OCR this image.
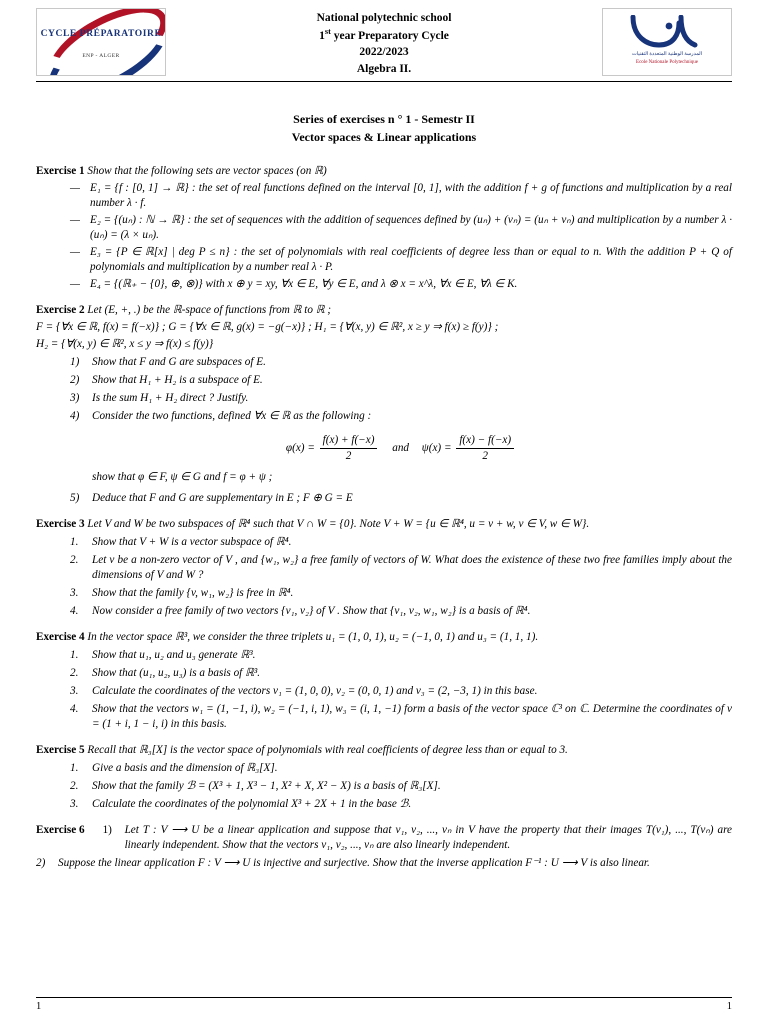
CYCLE PRÉPARATOIRE
ENP - ALGER
National polytechnic school
1st year Preparatory Cycle
2022/2023
Algebra II.
المدرسة الوطنية المتعددة التقنيات
Ecole Nationale Polytechnique
Series of exercises n ° 1 - Semestr II
Vector spaces & Linear applications
Exercise 1 Show that the following sets are vector spaces (on ℝ)
— E₁ = {f : [0, 1] → ℝ} : the set of real functions defined on the interval [0, 1], with the addition f + g of functions and multiplication by a real number λ · f.
— E₂ = {(uₙ) : ℕ → ℝ} : the set of sequences with the addition of sequences defined by (uₙ) + (vₙ) = (uₙ + vₙ) and multiplication by a number λ · (uₙ) = (λ × uₙ).
— E₃ = {P ∈ ℝ[x] | deg P ≤ n} : the set of polynomials with real coefficients of degree less than or equal to n. With the addition P + Q of polynomials and multiplication by a number real λ · P.
— E₄ = {(ℝ₊ − {0}, ⊕, ⊗)} with x ⊕ y = xy, ∀x ∈ E, ∀y ∈ E, and λ ⊗ x = x^λ, ∀x ∈ E, ∀λ ∈ K.
Exercise 2 Let (E, +, .) be the ℝ-space of functions from ℝ to ℝ ;
F = {∀x ∈ ℝ, f(x) = f(−x)} ; G = {∀x ∈ ℝ, g(x) = −g(−x)} ; H₁ = {∀(x, y) ∈ ℝ², x ≥ y ⇒ f(x) ≥ f(y)} ;
H₂ = {∀(x, y) ∈ ℝ², x ≤ y ⇒ f(x) ≤ f(y)}
1)	Show that F and G are subspaces of E.
2)	Show that H₁ + H₂ is a subspace of E.
3)	Is the sum H₁ + H₂ direct ? Justify.
4)	Consider the two functions, defined ∀x ∈ ℝ as the following :
$\varphi(x) = \frac{f(x) + f(-x)}{2}$ and $\psi(x) = \frac{f(x) - f(-x)}{2}$
show that φ ∈ F, ψ ∈ G and f = φ + ψ ;
5)	Deduce that F and G are supplementary in E ; F ⊕ G = E
Exercise 3 Let V and W be two subspaces of ℝ⁴ such that V ∩ W = {0}. Note V + W = {u ∈ ℝ⁴, u = v + w, v ∈ V, w ∈ W}.
1.	Show that V + W is a vector subspace of ℝ⁴.
2.	Let v be a non-zero vector of V , and {w₁, w₂} a free family of vectors of W. What does the existence of these two free families imply about the dimensions of V and W ?
3.	Show that the family {v, w₁, w₂} is free in ℝ⁴.
4.	Now consider a free family of two vectors {v₁, v₂} of V . Show that {v₁, v₂, w₁, w₂} is a basis of ℝ⁴.
Exercise 4 In the vector space ℝ³, we consider the three triplets u₁ = (1, 0, 1), u₂ = (−1, 0, 1) and u₃ = (1, 1, 1).
1.	Show that u₁, u₂ and u₃ generate ℝ³.
2.	Show that (u₁, u₂, u₃) is a basis of ℝ³.
3.	Calculate the coordinates of the vectors v₁ = (1, 0, 0), v₂ = (0, 0, 1) and v₃ = (2, −3, 1) in this base.
4.	Show that the vectors w₁ = (1, −1, i), w₂ = (−1, i, 1), w₃ = (i, 1, −1) form a basis of the vector space ℂ³ on ℂ. Determine the coordinates of v = (1 + i, 1 − i, i) in this basis.
Exercise 5 Recall that ℝ₃[X] is the vector space of polynomials with real coefficients of degree less than or equal to 3.
1.	Give a basis and the dimension of ℝ₃[X].
2.	Show that the family ℬ = (X³ + 1, X³ − 1, X² + X, X² − X) is a basis of ℝ₃[X].
3.	Calculate the coordinates of the polynomial X³ + 2X + 1 in the base ℬ.
Exercise 6 1)	Let T : V ⟶ U be a linear application and suppose that v₁, v₂, ..., vₙ in V have the property that their images T(v₁), ..., T(vₙ) are linearly independent. Show that the vectors v₁, v₂, ..., vₙ are also linearly independent.
2)	Suppose the linear application F : V ⟶ U is injective and surjective. Show that the inverse application F⁻¹ : U ⟶ V is also linear.
1	1
